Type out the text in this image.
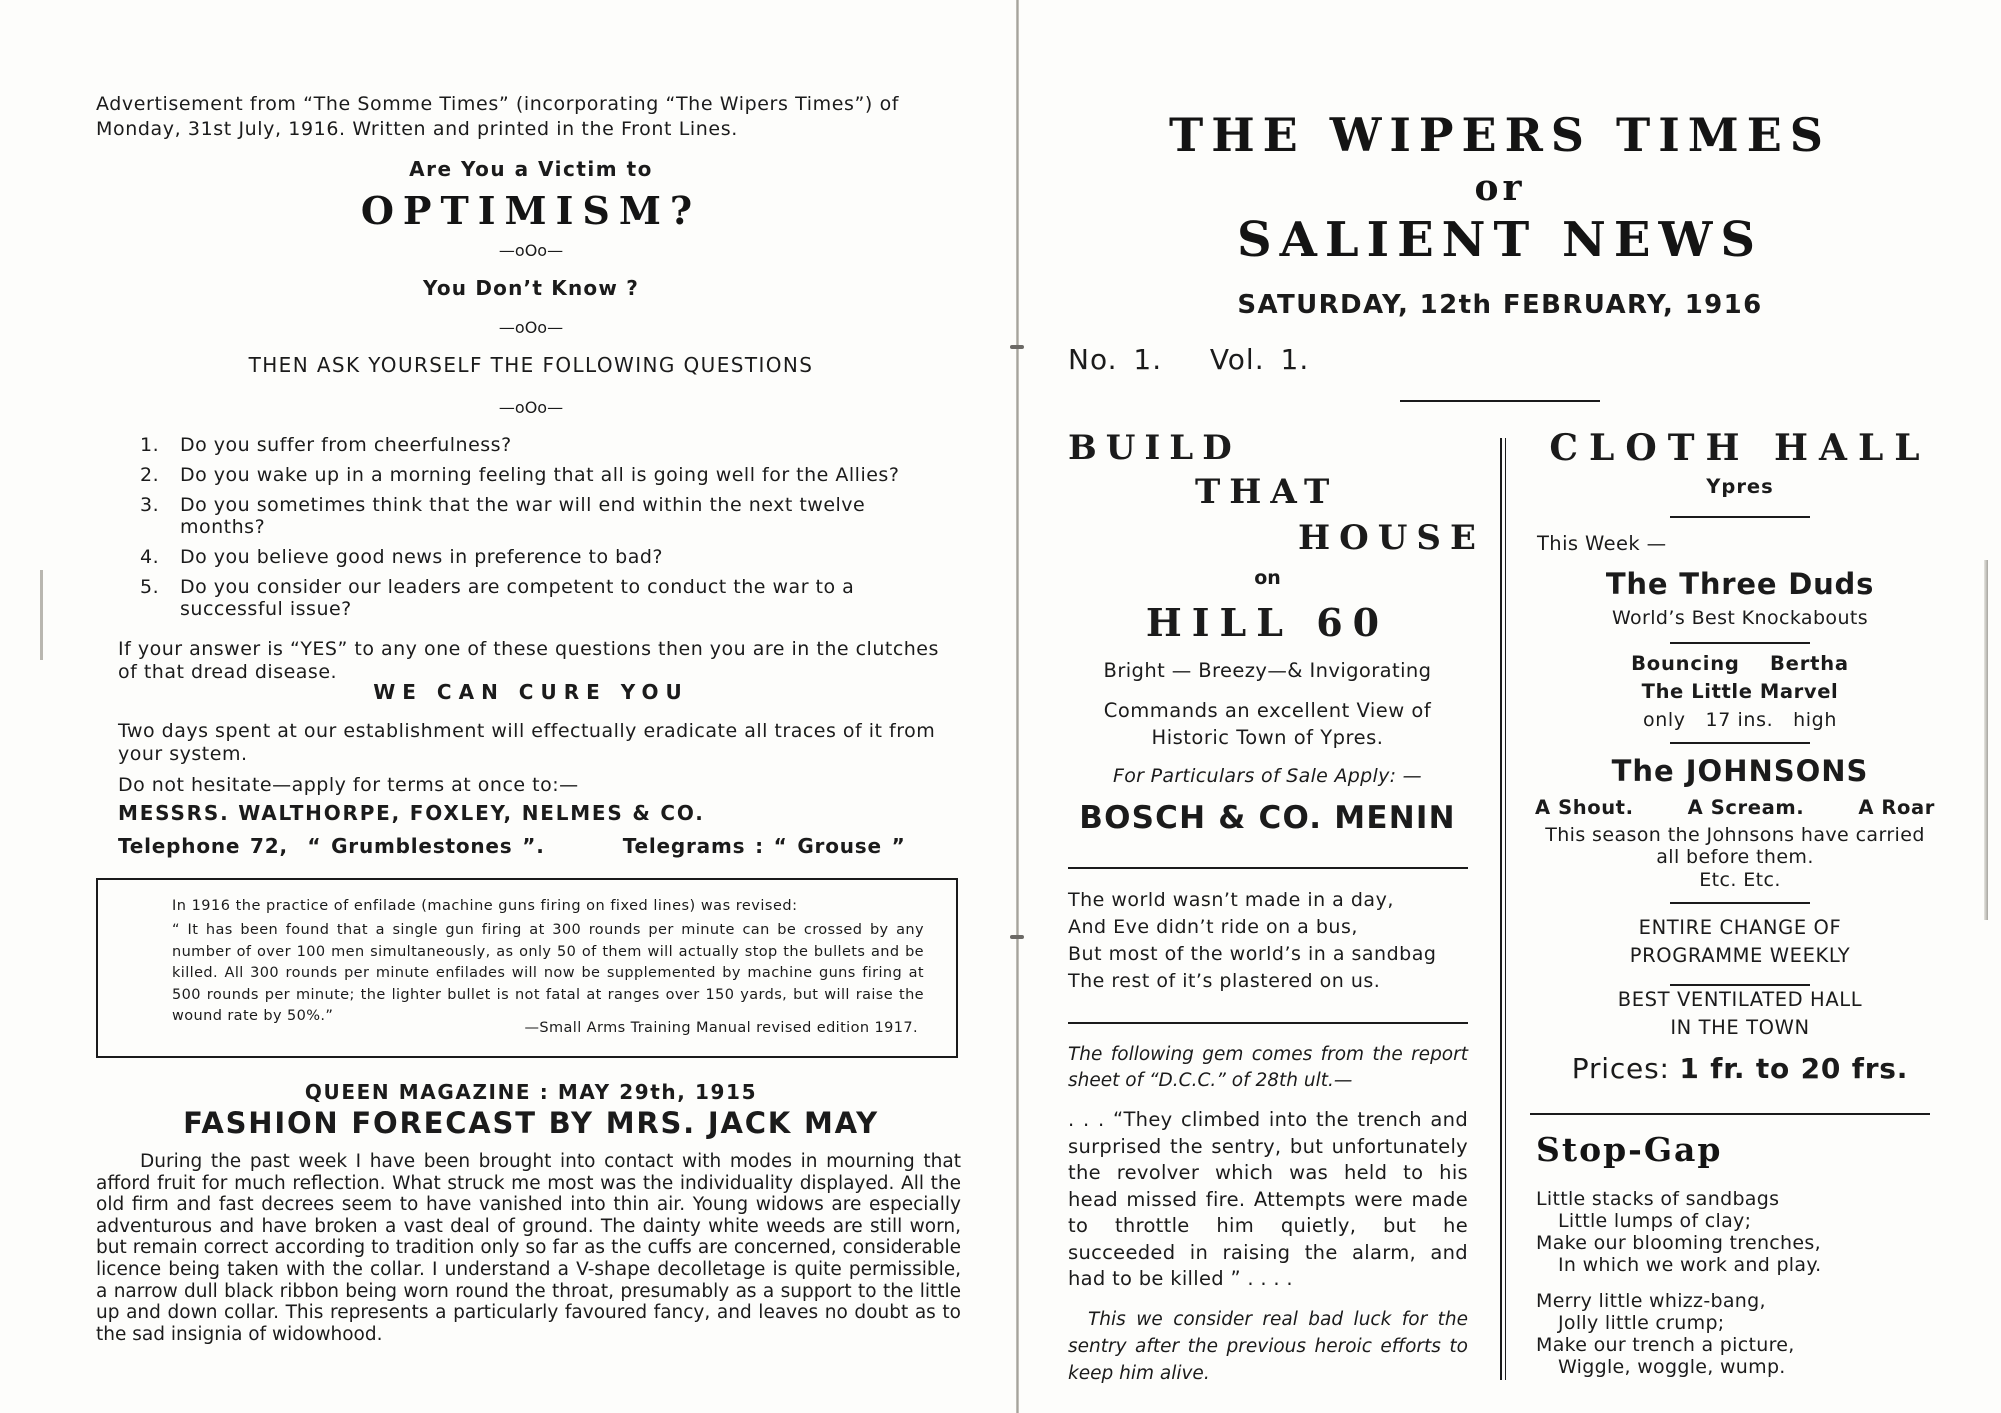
Advertisement from “The Somme Times” (incorporating “The Wipers Times”) of Monday, 31st July, 1916. Written and printed in the Front Lines.
Are You a Victim to
OPTIMISM?
—oOo—
You Don’t Know ?
—oOo—
THEN ASK YOURSELF THE FOLLOWING QUESTIONS
—oOo—
1.	Do you suffer from cheerfulness?
2.	Do you wake up in a morning feeling that all is going well for the Allies?
3.	Do you sometimes think that the war will end within the next twelve months?
4.	Do you believe good news in preference to bad?
5.	Do you consider our leaders are competent to conduct the war to a successful issue?
If your answer is “YES” to any one of these questions then you are in the clutches of that dread disease.
WE CAN CURE YOU
Two days spent at our establishment will effectually eradicate all traces of it from your system.
Do not hesitate—apply for terms at once to:—
MESSRS. WALTHORPE, FOXLEY, NELMES & CO.
Telephone 72,  “ Grumblestones ”.	Telegrams : “ Grouse ”
In 1916 the practice of enfilade (machine guns firing on fixed lines) was revised:
“ It has been found that a single gun firing at 300 rounds per minute can be crossed by any number of over 100 men simultaneously, as only 50 of them will actually stop the bullets and be killed. All 300 rounds per minute enfilades will now be supplemented by machine guns firing at 500 rounds per minute; the lighter bullet is not fatal at ranges over 150 yards, but will raise the wound rate by 50%.”
—Small Arms Training Manual revised edition 1917.
QUEEN MAGAZINE : MAY 29th, 1915
FASHION FORECAST BY MRS. JACK MAY
During the past week I have been brought into contact with modes in mourning that afford fruit for much reflection. What struck me most was the individuality displayed. All the old firm and fast decrees seem to have vanished into thin air. Young widows are especially adventurous and have broken a vast deal of ground. The dainty white weeds are still worn, but remain correct according to tradition only so far as the cuffs are concerned, considerable licence being taken with the collar. I understand a V-shape decolletage is quite permissible, a narrow dull black ribbon being worn round the throat, presumably as a support to the little up and down collar. This represents a particularly favoured fancy, and leaves no doubt as to the sad insignia of widowhood.
THE WIPERS TIMES
or
SALIENT NEWS
SATURDAY, 12th FEBRUARY, 1916
No. 1. Vol. 1.
BUILD
THAT
HOUSE
on
HILL 60
Bright — Breezy—& Invigorating
Commands an excellent View of Historic Town of Ypres.
For Particulars of Sale Apply: —
BOSCH & CO. MENIN
The world wasn’t made in a day,
And Eve didn’t ride on a bus,
But most of the world’s in a sandbag
The rest of it’s plastered on us.
The following gem comes from the report sheet of “D.C.C.” of 28th ult.—
. . . “They climbed into the trench and surprised the sentry, but unfortunately the revolver which was held to his head missed fire. Attempts were made to throttle him quietly, but he succeeded in raising the alarm, and had to be killed ” . . . .
This we consider real bad luck for the sentry after the previous heroic efforts to keep him alive.
CLOTH HALL
Ypres
This Week —
The Three Duds
World’s Best Knockabouts
Bouncing Bertha
The Little Marvel
only 17 ins. high
The JOHNSONS
A Shout.	A Scream.	A Roar
This season the Johnsons have carried all before them.
Etc. Etc.
ENTIRE CHANGE OF
PROGRAMME WEEKLY
BEST VENTILATED HALL
IN THE TOWN
Prices: 1 fr. to 20 frs.
Stop-Gap
Little stacks of sandbags
Little lumps of clay;
Make our blooming trenches,
In which we work and play.
Merry little whizz-bang,
Jolly little crump;
Make our trench a picture,
Wiggle, woggle, wump.
